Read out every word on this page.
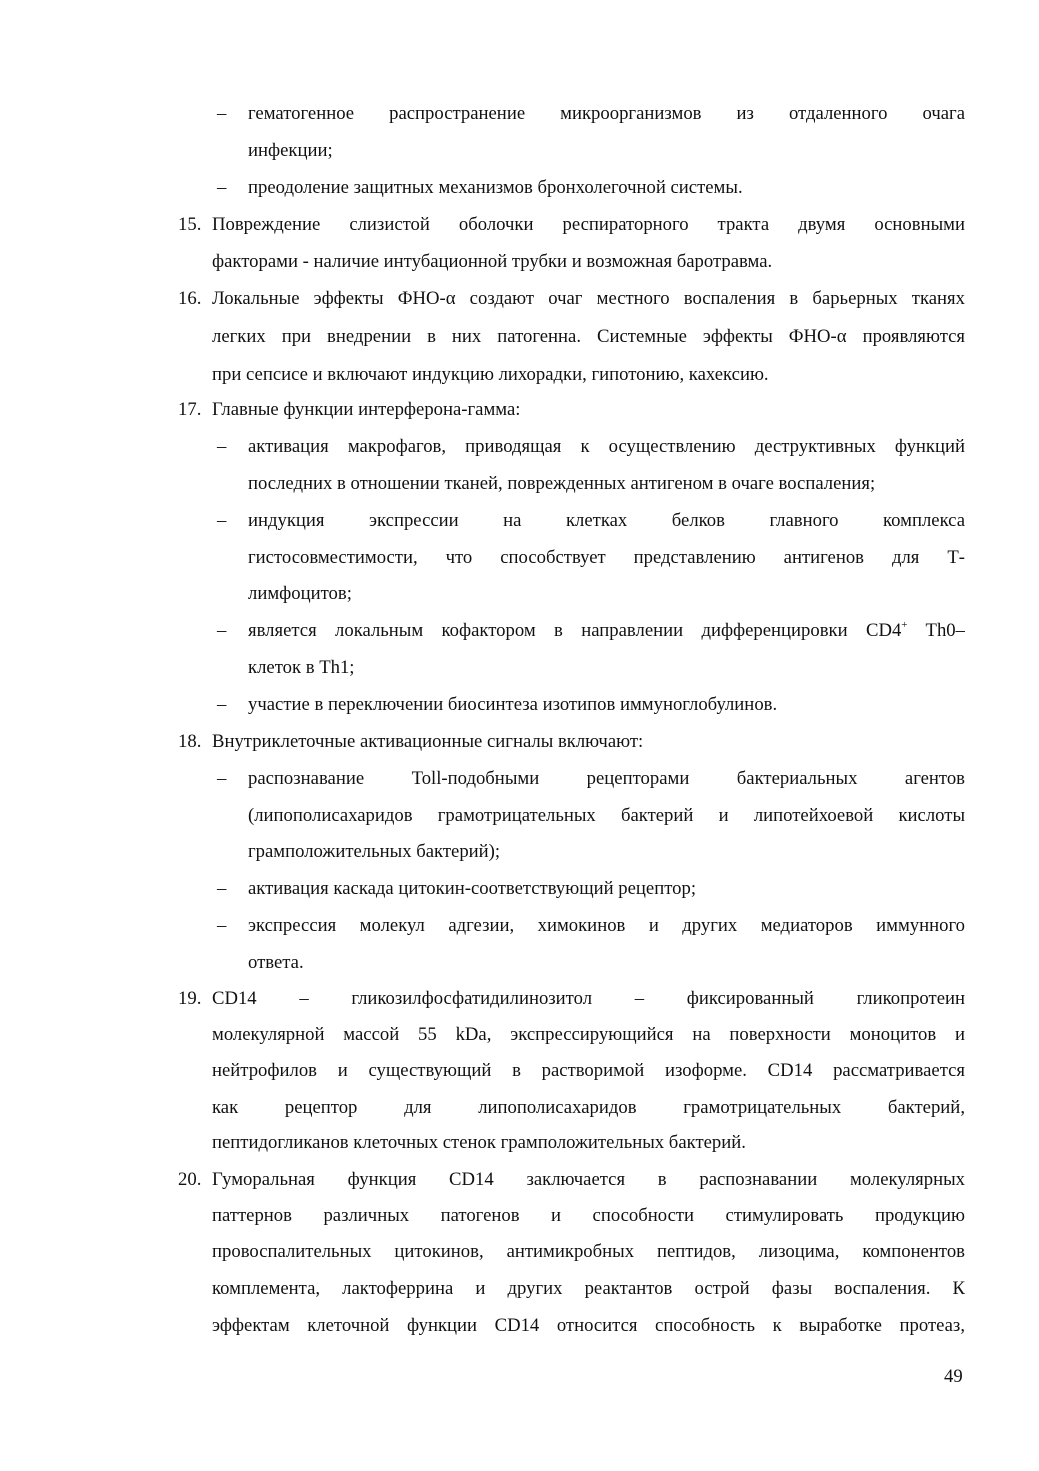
– гематогенное распространение микроорганизмов из отдаленного очага
инфекции;
– преодоление защитных механизмов бронхолегочной системы.
15. Повреждение слизистой оболочки респираторного тракта двумя основными
факторами - наличие интубационной трубки и возможная баротравма.
16. Локальные эффекты ФНО-α создают очаг местного воспаления в барьерных тканях
легких при внедрении в них патогенна. Системные эффекты ФНО-α проявляются
при сепсисе и включают индукцию лихорадки, гипотонию, кахексию.
17. Главные функции интерферона-гамма:
– активация макрофагов, приводящая к осуществлению деструктивных функций
последних в отношении тканей, поврежденных антигеном в очаге воспаления;
– индукция экспрессии на клетках белков главного комплекса
гистосовместимости, что способствует представлению антигенов для Т-
лимфоцитов;
– является локальным кофактором в направлении дифференцировки CD4+ Th0–
клеток в Th1;
– участие в переключении биосинтеза изотипов иммуноглобулинов.
18. Внутриклеточные активационные сигналы включают:
– распознавание Toll-подобными рецепторами бактериальных агентов
(липополисахаридов грамотрицательных бактерий и липотейхоевой кислоты
грамположительных бактерий);
– активация каскада цитокин-соответствующий рецептор;
– экспрессия молекул адгезии, химокинов и других медиаторов иммунного
ответа.
19. CD14 – гликозилфосфатидилинозитол – фиксированный гликопротеин
молекулярной массой 55 kDa, экспрессирующийся на поверхности моноцитов и
нейтрофилов и существующий в растворимой изоформе. CD14 рассматривается
как рецептор для липополисахаридов грамотрицательных бактерий,
пептидогликанов клеточных стенок грамположительных бактерий.
20. Гуморальная функция CD14 заключается в распознавании молекулярных
паттернов различных патогенов и способности стимулировать продукцию
провоспалительных цитокинов, антимикробных пептидов, лизоцима, компонентов
комплемента, лактоферрина и других реактантов острой фазы воспаления. К
эффектам клеточной функции CD14 относится способность к выработке протеаз,
49
